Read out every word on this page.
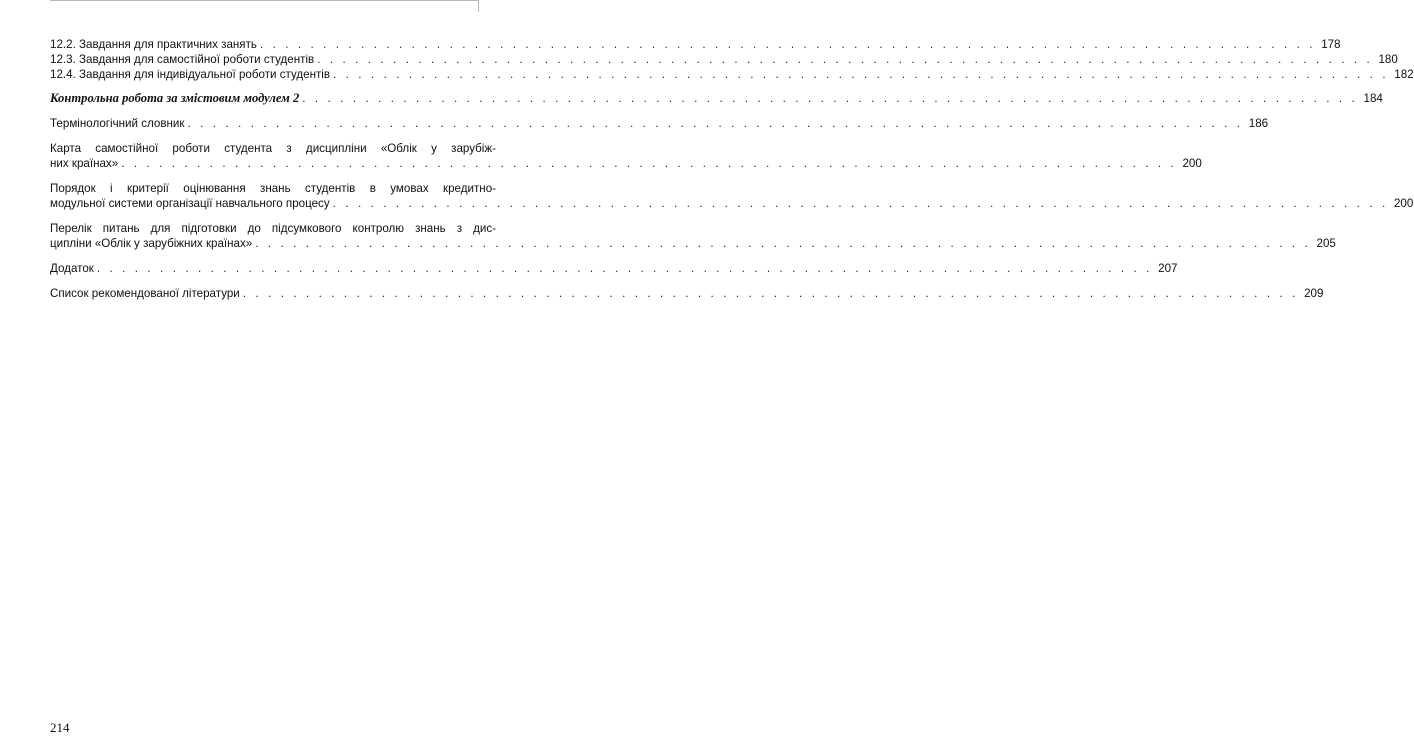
12.2. Завдання для практичних занять . . . . . . . . . . . . . . . . . . . . . . . . . . . . . . . . . . . . . . . . . . . . . . . . . . . . . . . . . . . . . . . . . . . . . . . . . . . . . . . . . . . . 178
12.3. Завдання для самостійної роботи студентів . . . . . . . . . . . . . . . . . . . . . . . . . . . . . . . . . . . . . . . . . . . . . . . . . . . . . . . . . . . . . . . . . . . . . . . . . . . . . . . . . . . . 180
12.4. Завдання для індивідуальної роботи студентів . . . . . . . . . . . . . . . . . . . . . . . . . . . . . . . . . . . . . . . . . . . . . . . . . . . . . . . . . . . . . . . . . . . . . . . . . . . . . . . . . . . . 182
Контрольна робота за змістовим модулем 2 . . . . . . . . . . . . . . . . . . . . . . . . . . . . . . . . . . . . . . . . . . . . . . . . . . . . . . . . . . . . . . . . . . . . . . . . . . . . . . . . . . . . 184
Термінологічний словник . . . . . . . . . . . . . . . . . . . . . . . . . . . . . . . . . . . . . . . . . . . . . . . . . . . . . . . . . . . . . . . . . . . . . . . . . . . . . . . . . . . . 186
Карта самостійної роботи студента з дисципліни «Облік у зарубіж-
них країнах» . . . . . . . . . . . . . . . . . . . . . . . . . . . . . . . . . . . . . . . . . . . . . . . . . . . . . . . . . . . . . . . . . . . . . . . . . . . . . . . . . . . . 200
Порядок і критерії оцінювання знань студентів в умовах кредитно-
модульної системи організації навчального процесу . . . . . . . . . . . . . . . . . . . . . . . . . . . . . . . . . . . . . . . . . . . . . . . . . . . . . . . . . . . . . . . . . . . . . . . . . . . . . . . . . . . . 200
Перелік питань для підготовки до підсумкового контролю знань з дис-
ципліни «Облік у зарубіжних країнах» . . . . . . . . . . . . . . . . . . . . . . . . . . . . . . . . . . . . . . . . . . . . . . . . . . . . . . . . . . . . . . . . . . . . . . . . . . . . . . . . . . . . 205
Додаток . . . . . . . . . . . . . . . . . . . . . . . . . . . . . . . . . . . . . . . . . . . . . . . . . . . . . . . . . . . . . . . . . . . . . . . . . . . . . . . . . . . . 207
Список рекомендованої літератури . . . . . . . . . . . . . . . . . . . . . . . . . . . . . . . . . . . . . . . . . . . . . . . . . . . . . . . . . . . . . . . . . . . . . . . . . . . . . . . . . . . . 209
214
